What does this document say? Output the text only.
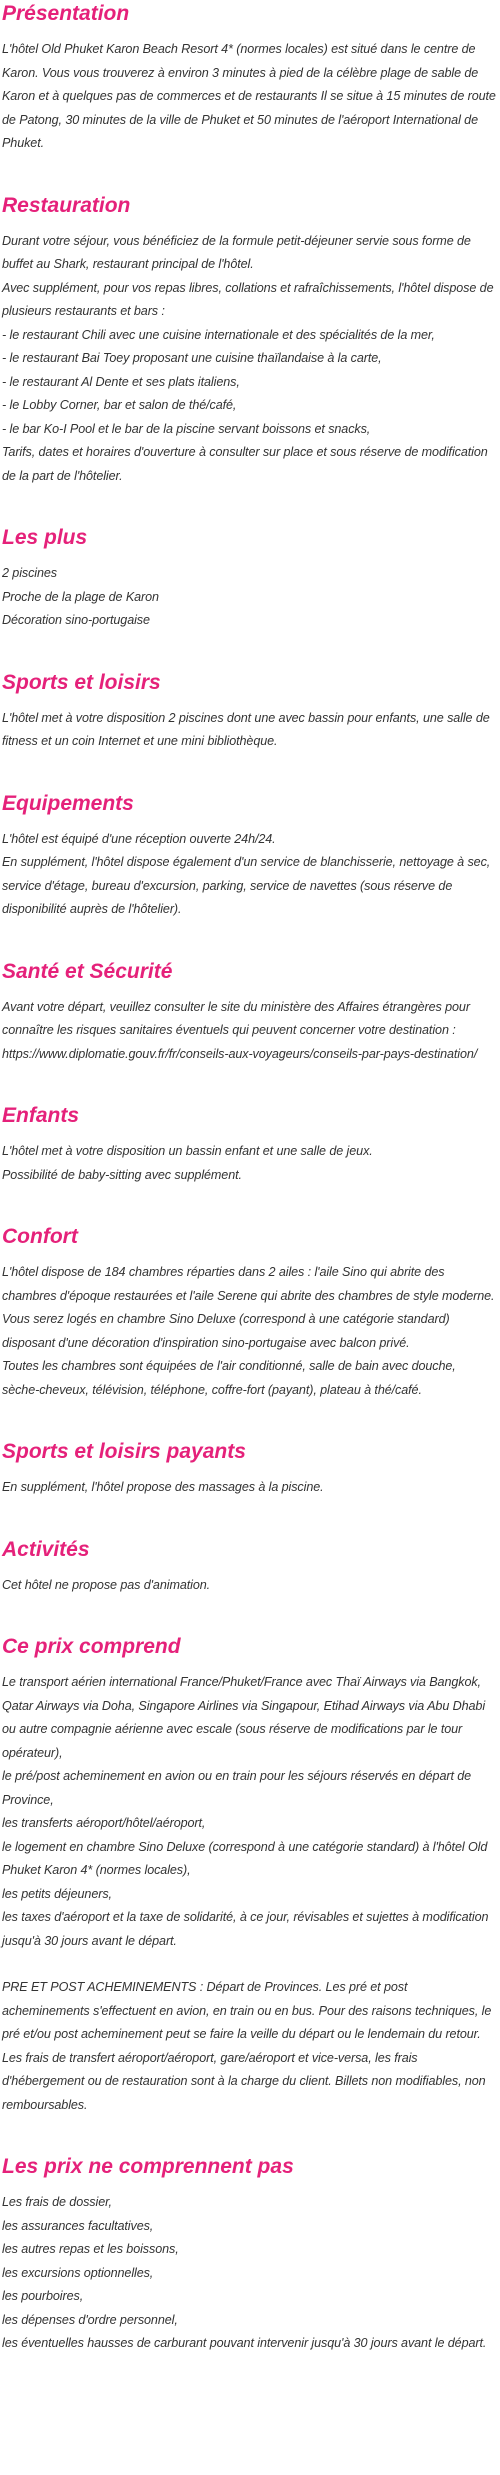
Présentation

L'hôtel Old Phuket Karon Beach Resort 4* (normes locales) est situé dans le centre de Karon. Vous vous trouverez à environ 3 minutes à pied de la célèbre plage de sable de Karon et à quelques pas de commerces et de restaurants Il se situe à 15 minutes de route de Patong, 30 minutes de la ville de Phuket et 50 minutes de l'aéroport International de Phuket.

Restauration

Durant votre séjour, vous bénéficiez de la formule petit-déjeuner servie sous forme de buffet au Shark, restaurant principal de l'hôtel.
Avec supplément, pour vos repas libres, collations et rafraîchissements, l'hôtel dispose de plusieurs restaurants et bars :
- le restaurant Chili avec une cuisine internationale et des spécialités de la mer,
- le restaurant Bai Toey proposant une cuisine thaïlandaise à la carte,
- le restaurant Al Dente et ses plats italiens,
- le Lobby Corner, bar et salon de thé/café,
- le bar Ko-I Pool et le bar de la piscine servant boissons et snacks,
Tarifs, dates et horaires d'ouverture à consulter sur place et sous réserve de modification de la part de l'hôtelier.

Les plus

2 piscines
Proche de la plage de Karon
Décoration sino-portugaise

Sports et loisirs

L'hôtel met à votre disposition 2 piscines dont une avec bassin pour enfants, une salle de fitness et un coin Internet et une mini bibliothèque.

Equipements

L'hôtel est équipé d'une réception ouverte 24h/24.
En supplément, l'hôtel dispose également d'un service de blanchisserie, nettoyage à sec, service d'étage, bureau d'excursion, parking, service de navettes (sous réserve de disponibilité auprès de l'hôtelier).

Santé et Sécurité

Avant votre départ, veuillez consulter le site du ministère des Affaires étrangères pour connaître les risques sanitaires éventuels qui peuvent concerner votre destination : https://www.diplomatie.gouv.fr/fr/conseils-aux-voyageurs/conseils-par-pays-destination/

Enfants

L'hôtel met à votre disposition un bassin enfant et une salle de jeux.
Possibilité de baby-sitting avec supplément.

Confort

L'hôtel dispose de 184 chambres réparties dans 2 ailes : l'aile Sino qui abrite des chambres d'époque restaurées et l'aile Serene qui abrite des chambres de style moderne.
Vous serez logés en chambre Sino Deluxe (correspond à une catégorie standard) disposant d'une décoration d'inspiration sino-portugaise avec balcon privé.
Toutes les chambres sont équipées de l'air conditionné, salle de bain avec douche, sèche-cheveux, télévision, téléphone, coffre-fort (payant), plateau à thé/café.

Sports et loisirs payants

En supplément, l'hôtel propose des massages à la piscine.

Activités

Cet hôtel ne propose pas d'animation.

Ce prix comprend

Le transport aérien international France/Phuket/France avec Thaï Airways via Bangkok, Qatar Airways via Doha, Singapore Airlines via Singapour, Etihad Airways via Abu Dhabi ou autre compagnie aérienne avec escale (sous réserve de modifications par le tour opérateur),
le pré/post acheminement en avion ou en train pour les séjours réservés en départ de Province,
les transferts aéroport/hôtel/aéroport,
le logement en chambre Sino Deluxe (correspond à une catégorie standard) à l'hôtel Old Phuket Karon 4* (normes locales),
les petits déjeuners,
les taxes d'aéroport et la taxe de solidarité, à ce jour, révisables et sujettes à modification jusqu'à 30 jours avant le départ.
PRE ET POST ACHEMINEMENTS : Départ de Provinces. Les pré et post acheminements s'effectuent en avion, en train ou en bus. Pour des raisons techniques, le pré et/ou post acheminement peut se faire la veille du départ ou le lendemain du retour. Les frais de transfert aéroport/aéroport, gare/aéroport et vice-versa, les frais d'hébergement ou de restauration sont à la charge du client. Billets non modifiables, non remboursables.

Les prix ne comprennent pas

Les frais de dossier,
les assurances facultatives,
les autres repas et les boissons,
les excursions optionnelles,
les pourboires,
les dépenses d'ordre personnel,
les éventuelles hausses de carburant pouvant intervenir jusqu'à 30 jours avant le départ.
